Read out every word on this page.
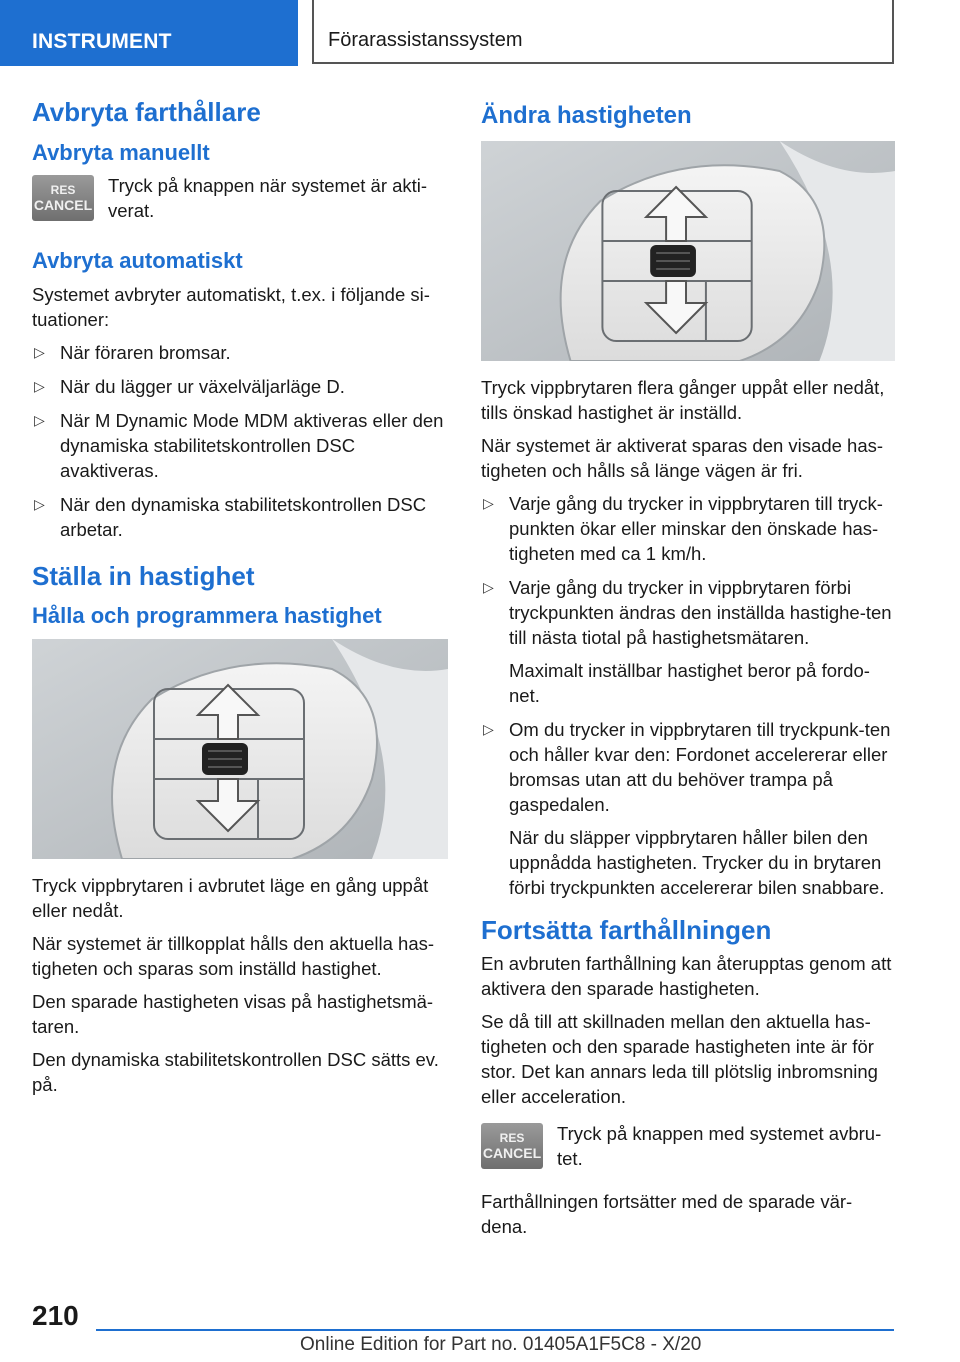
INSTRUMENT	Förarassistanssystem
Avbryta farthållare
Avbryta manuellt
RES
CANCEL

Tryck på knappen när systemet är akti-verat.

Avbryta automatiskt

Systemet avbryter automatiskt, t.ex. i följande si-tuationer:

▷ När föraren bromsar.
▷ När du lägger ur växelväljarläge D.
▷ När M Dynamic Mode MDM aktiveras eller den dynamiska stabilitetskontrollen DSC avaktiveras.
▷ När den dynamiska stabilitetskontrollen DSC arbetar.
Ställa in hastighet
Hålla och programmera hastighet

Tryck vippbrytaren i avbrutet läge en gång uppåt eller nedåt.

När systemet är tillkopplat hålls den aktuella has-tigheten och sparas som inställd hastighet.

Den sparade hastigheten visas på hastighetsmä-taren.

Den dynamiska stabilitetskontrollen DSC sätts ev. på.

Ändra hastigheten

Tryck vippbrytaren flera gånger uppåt eller nedåt, tills önskad hastighet är inställd.

När systemet är aktiverat sparas den visade has-tigheten och hålls så länge vägen är fri.

▷ Varje gång du trycker in vippbrytaren till tryck-punkten ökar eller minskar den önskade has-tigheten med ca 1 km/h.
▷ Varje gång du trycker in vippbrytaren förbi tryckpunkten ändras den inställda hastighe-ten till nästa tiotal på hastighetsmätaren.
Maximalt inställbar hastighet beror på fordo-net.
▷ Om du trycker in vippbrytaren till tryckpunk-ten och håller kvar den: Fordonet accelererar eller bromsas utan att du behöver trampa på gaspedalen.
När du släpper vippbrytaren håller bilen den uppnådda hastigheten. Trycker du in brytaren förbi tryckpunkten accelererar bilen snabbare.
Fortsätta farthållningen

En avbruten farthållning kan återupptas genom att aktivera den sparade hastigheten.

Se då till att skillnaden mellan den aktuella has-tigheten och den sparade hastigheten inte är för stor. Det kan annars leda till plötslig inbromsning eller acceleration.

RES
CANCEL

Tryck på knappen med systemet avbru-tet.

Farthållningen fortsätter med de sparade vär-dena.

210
Online Edition for Part no. 01405A1F5C8 - X/20
